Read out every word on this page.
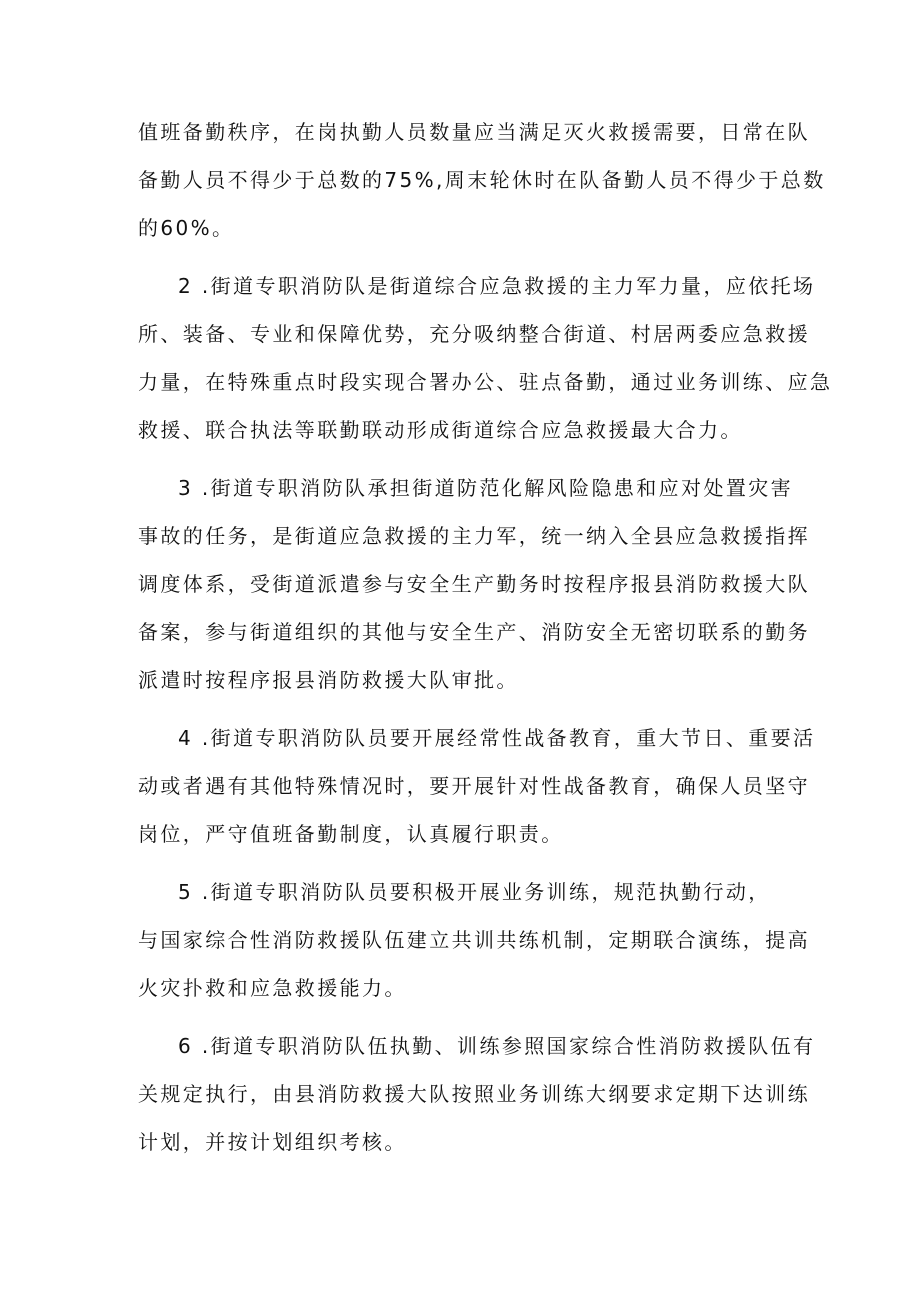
值班备勤秩序，在岗执勤人员数量应当满足灭火救援需要，日常在队
备勤人员不得少于总数的75%,周末轮休时在队备勤人员不得少于总数
的60%。
2 .街道专职消防队是街道综合应急救援的主力军力量，应依托场
所、装备、专业和保障优势，充分吸纳整合街道、村居两委应急救援
力量，在特殊重点时段实现合署办公、驻点备勤，通过业务训练、应急
救援、联合执法等联勤联动形成街道综合应急救援最大合力。
3 .街道专职消防队承担街道防范化解风险隐患和应对处置灾害
事故的任务，是街道应急救援的主力军，统一纳入全县应急救援指挥
调度体系，受街道派遣参与安全生产勤务时按程序报县消防救援大队
备案，参与街道组织的其他与安全生产、消防安全无密切联系的勤务
派遣时按程序报县消防救援大队审批。
4 .街道专职消防队员要开展经常性战备教育，重大节日、重要活
动或者遇有其他特殊情况时，要开展针对性战备教育，确保人员坚守
岗位，严守值班备勤制度，认真履行职责。
5 .街道专职消防队员要积极开展业务训练，规范执勤行动，
与国家综合性消防救援队伍建立共训共练机制，定期联合演练，提高
火灾扑救和应急救援能力。
6 .街道专职消防队伍执勤、训练参照国家综合性消防救援队伍有
关规定执行，由县消防救援大队按照业务训练大纲要求定期下达训练
计划，并按计划组织考核。
